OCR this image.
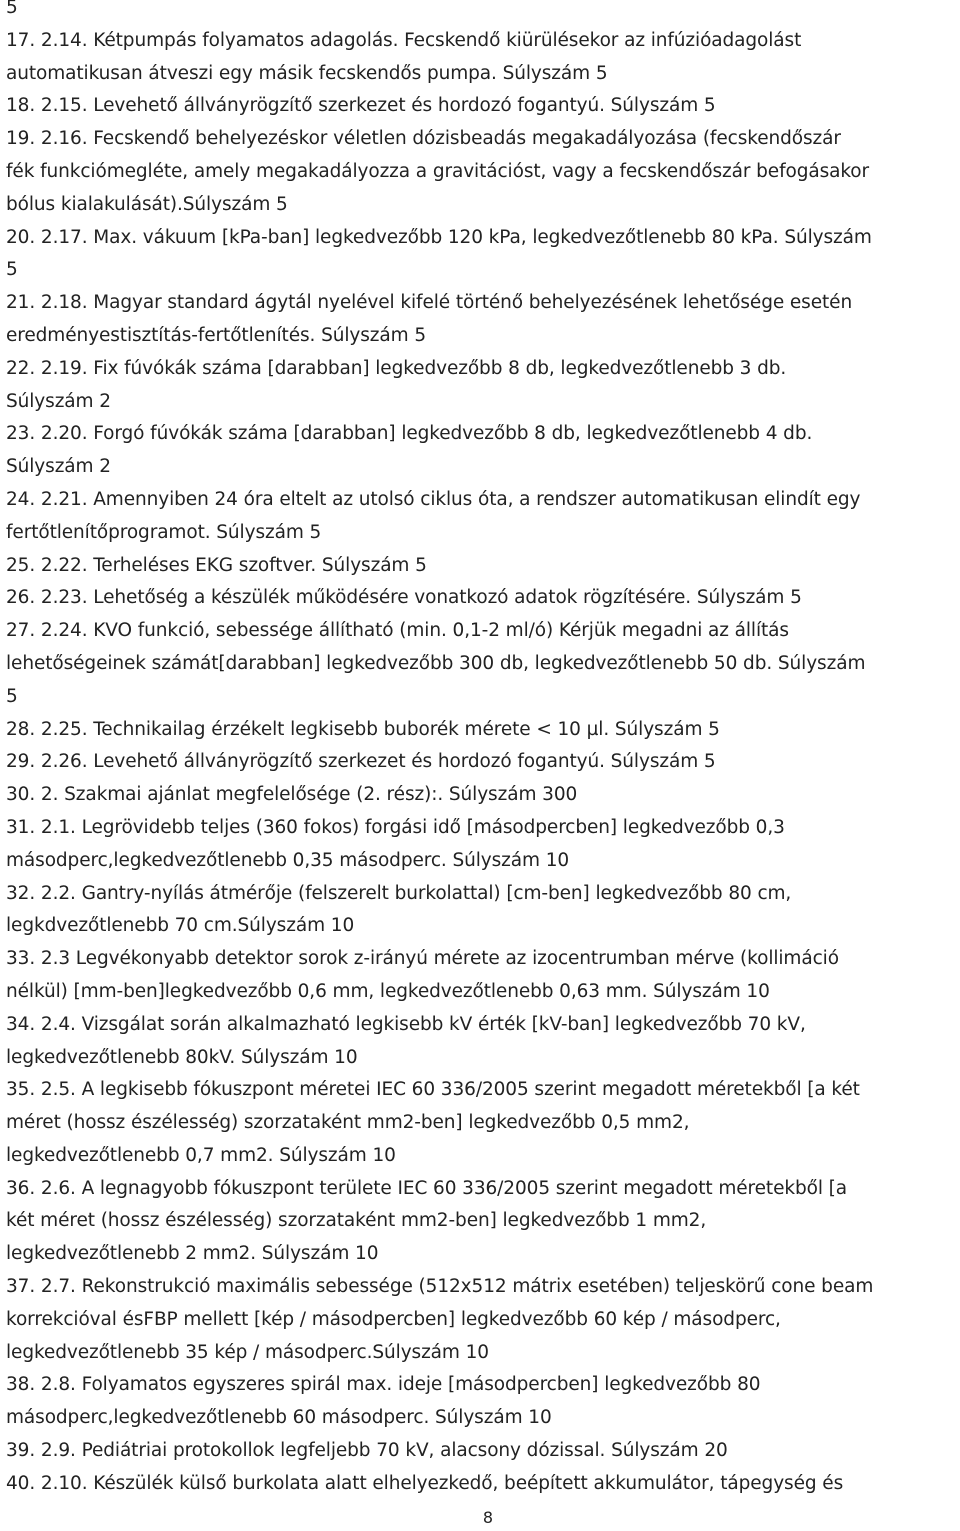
5
17. 2.14. Kétpumpás folyamatos adagolás. Fecskendő kiürülésekor az infúzióadagolást
automatikusan átveszi egy másik fecskendős pumpa. Súlyszám 5
18. 2.15. Levehető állványrögzítő szerkezet és hordozó fogantyú. Súlyszám 5
19. 2.16. Fecskendő behelyezéskor véletlen dózisbeadás megakadályozása (fecskendőszár
fék funkciómegléte, amely megakadályozza a gravitációst, vagy a fecskendőszár befogásakor
bólus kialakulását).Súlyszám 5
20. 2.17. Max. vákuum [kPa-ban] legkedvezőbb 120 kPa, legkedvezőtlenebb 80 kPa. Súlyszám
5
21. 2.18. Magyar standard ágytál nyelével kifelé történő behelyezésének lehetősége esetén
eredményestisztítás-fertőtlenítés. Súlyszám 5
22. 2.19. Fix fúvókák száma [darabban] legkedvezőbb 8 db, legkedvezőtlenebb 3 db.
Súlyszám 2
23. 2.20. Forgó fúvókák száma [darabban] legkedvezőbb 8 db, legkedvezőtlenebb 4 db.
Súlyszám 2
24. 2.21. Amennyiben 24 óra eltelt az utolsó ciklus óta, a rendszer automatikusan elindít egy
fertőtlenítőprogramot. Súlyszám 5
25. 2.22. Terheléses EKG szoftver. Súlyszám 5
26. 2.23. Lehetőség a készülék működésére vonatkozó adatok rögzítésére. Súlyszám 5
27. 2.24. KVO funkció, sebessége állítható (min. 0,1-2 ml/ó) Kérjük megadni az állítás
lehetőségeinek számát[darabban] legkedvezőbb 300 db, legkedvezőtlenebb 50 db. Súlyszám
5
28. 2.25. Technikailag érzékelt legkisebb buborék mérete < 10 µl. Súlyszám 5
29. 2.26. Levehető állványrögzítő szerkezet és hordozó fogantyú. Súlyszám 5
30. 2. Szakmai ajánlat megfelelősége (2. rész):. Súlyszám 300
31. 2.1. Legrövidebb teljes (360 fokos) forgási idő [másodpercben] legkedvezőbb 0,3
másodperc,legkedvezőtlenebb 0,35 másodperc. Súlyszám 10
32. 2.2. Gantry-nyílás átmérője (felszerelt burkolattal) [cm-ben] legkedvezőbb 80 cm,
legkdvezőtlenebb 70 cm.Súlyszám 10
33. 2.3 Legvékonyabb detektor sorok z-irányú mérete az izocentrumban mérve (kollimáció
nélkül) [mm-ben]legkedvezőbb 0,6 mm, legkedvezőtlenebb 0,63 mm. Súlyszám 10
34. 2.4. Vizsgálat során alkalmazható legkisebb kV érték [kV-ban] legkedvezőbb 70 kV,
legkedvezőtlenebb 80kV. Súlyszám 10
35. 2.5. A legkisebb fókuszpont méretei IEC 60 336/2005 szerint megadott méretekből [a két
méret (hossz észélesség) szorzataként mm2-ben] legkedvezőbb 0,5 mm2,
legkedvezőtlenebb 0,7 mm2. Súlyszám 10
36. 2.6. A legnagyobb fókuszpont területe IEC 60 336/2005 szerint megadott méretekből [a
két méret (hossz észélesség) szorzataként mm2-ben] legkedvezőbb 1 mm2,
legkedvezőtlenebb 2 mm2. Súlyszám 10
37. 2.7. Rekonstrukció maximális sebessége (512x512 mátrix esetében) teljeskörű cone beam
korrekcióval ésFBP mellett [kép / másodpercben] legkedvezőbb 60 kép / másodperc,
legkedvezőtlenebb 35 kép / másodperc.Súlyszám 10
38. 2.8. Folyamatos egyszeres spirál max. ideje [másodpercben] legkedvezőbb 80
másodperc,legkedvezőtlenebb 60 másodperc. Súlyszám 10
39. 2.9. Pediátriai protokollok legfeljebb 70 kV, alacsony dózissal. Súlyszám 20
40. 2.10. Készülék külső burkolata alatt elhelyezkedő, beépített akkumulátor, tápegység és
8
